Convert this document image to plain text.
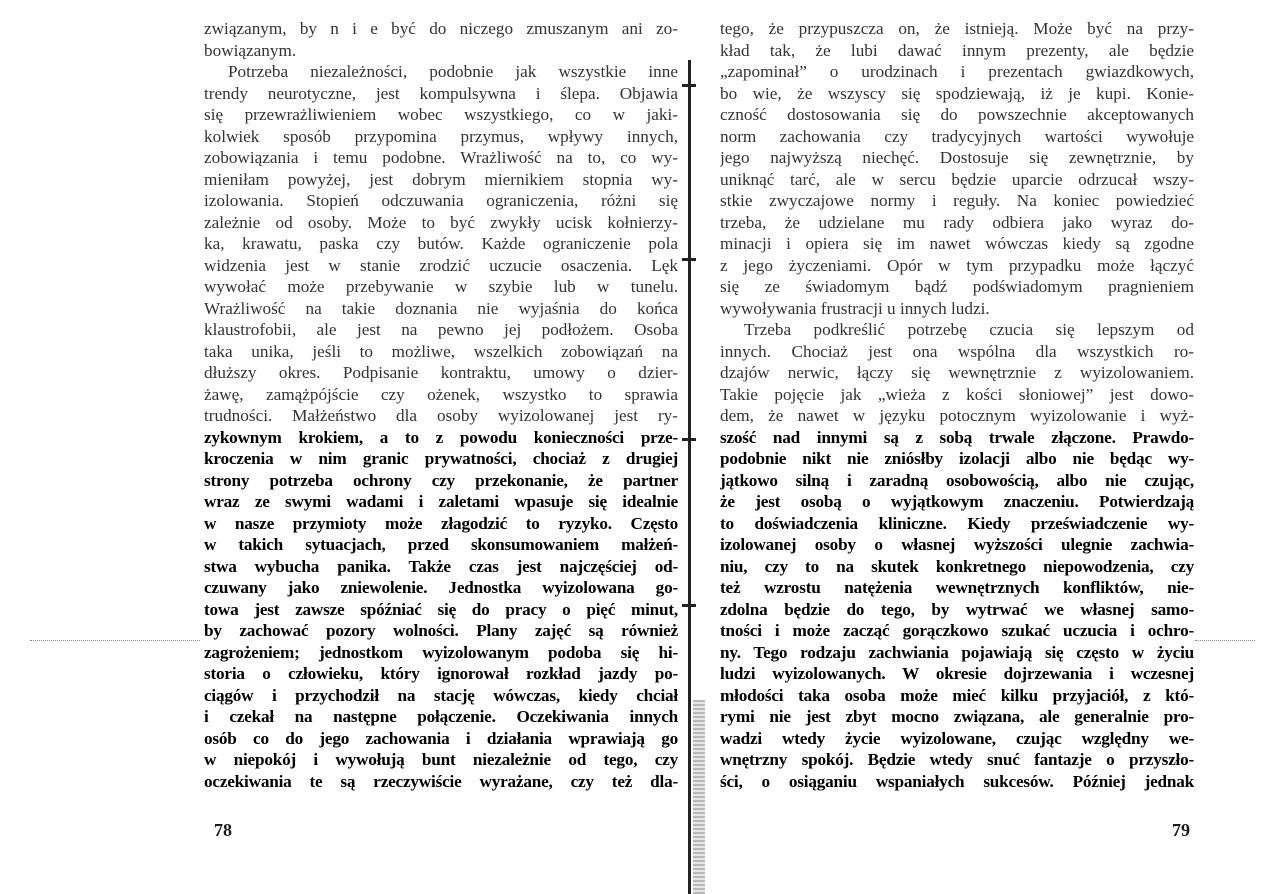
związanym, by n i e być do niczego zmuszanym ani zo-
bowiązanym.
Potrzeba niezależności, podobnie jak wszystkie inne
trendy neurotyczne, jest kompulsywna i ślepa. Objawia
się przewrażliwieniem wobec wszystkiego, co w jaki-
kolwiek sposób przypomina przymus, wpływy innych,
zobowiązania i temu podobne. Wrażliwość na to, co wy-
mieniłam powyżej, jest dobrym miernikiem stopnia wy-
izolowania. Stopień odczuwania ograniczenia, różni się
zależnie od osoby. Może to być zwykły ucisk kołnierzy-
ka, krawatu, paska czy butów. Każde ograniczenie pola
widzenia jest w stanie zrodzić uczucie osaczenia. Lęk
wywołać może przebywanie w szybie lub w tunelu.
Wrażliwość na takie doznania nie wyjaśnia do końca
klaustrofobii, ale jest na pewno jej podłożem. Osoba
taka unika, jeśli to możliwe, wszelkich zobowiązań na
dłuższy okres. Podpisanie kontraktu, umowy o dzier-
żawę, zamążpójście czy ożenek, wszystko to sprawia
trudności. Małżeństwo dla osoby wyizolowanej jest ry-
zykownym krokiem, a to z powodu konieczności prze-
kroczenia w nim granic prywatności, chociaż z drugiej
strony potrzeba ochrony czy przekonanie, że partner
wraz ze swymi wadami i zaletami wpasuje się idealnie
w nasze przymioty może złagodzić to ryzyko. Często
w takich sytuacjach, przed skonsumowaniem małżeń-
stwa wybucha panika. Także czas jest najczęściej od-
czuwany jako zniewolenie. Jednostka wyizolowana go-
towa jest zawsze spóźniać się do pracy o pięć minut,
by zachować pozory wolności. Plany zajęć są również
zagrożeniem; jednostkom wyizolowanym podoba się hi-
storia o człowieku, który ignorował rozkład jazdy po-
ciągów i przychodził na stację wówczas, kiedy chciał
i czekał na następne połączenie. Oczekiwania innych
osób co do jego zachowania i działania wprawiają go
w niepokój i wywołują bunt niezależnie od tego, czy
oczekiwania te są rzeczywiście wyrażane, czy też dla-
tego, że przypuszcza on, że istnieją. Może być na przy-
kład tak, że lubi dawać innym prezenty, ale będzie
„zapominał” o urodzinach i prezentach gwiazdkowych,
bo wie, że wszyscy się spodziewają, iż je kupi. Konie-
czność dostosowania się do powszechnie akceptowanych
norm zachowania czy tradycyjnych wartości wywołuje
jego najwyższą niechęć. Dostosuje się zewnętrznie, by
uniknąć tarć, ale w sercu będzie uparcie odrzucał wszy-
stkie zwyczajowe normy i reguły. Na koniec powiedzieć
trzeba, że udzielane mu rady odbiera jako wyraz do-
minacji i opiera się im nawet wówczas kiedy są zgodne
z jego życzeniami. Opór w tym przypadku może łączyć
się ze świadomym bądź podświadomym pragnieniem
wywoływania frustracji u innych ludzi.
Trzeba podkreślić potrzebę czucia się lepszym od
innych. Chociaż jest ona wspólna dla wszystkich ro-
dzajów nerwic, łączy się wewnętrznie z wyizolowaniem.
Takie pojęcie jak „wieża z kości słoniowej” jest dowo-
dem, że nawet w języku potocznym wyizolowanie i wyż-
szość nad innymi są z sobą trwale złączone. Prawdo-
podobnie nikt nie zniósłby izolacji albo nie będąc wy-
jątkowo silną i zaradną osobowością, albo nie czując,
że jest osobą o wyjątkowym znaczeniu. Potwierdzają
to doświadczenia kliniczne. Kiedy przeświadczenie wy-
izolowanej osoby o własnej wyższości ulegnie zachwia-
niu, czy to na skutek konkretnego niepowodzenia, czy
też wzrostu natężenia wewnętrznych konfliktów, nie-
zdolna będzie do tego, by wytrwać we własnej samo-
tności i może zacząć gorączkowo szukać uczucia i ochro-
ny. Tego rodzaju zachwiania pojawiają się często w życiu
ludzi wyizolowanych. W okresie dojrzewania i wczesnej
młodości taka osoba może mieć kilku przyjaciół, z któ-
rymi nie jest zbyt mocno związana, ale generalnie pro-
wadzi wtedy życie wyizolowane, czując względny we-
wnętrzny spokój. Będzie wtedy snuć fantazje o przyszło-
ści, o osiąganiu wspaniałych sukcesów. Później jednak
78	79
